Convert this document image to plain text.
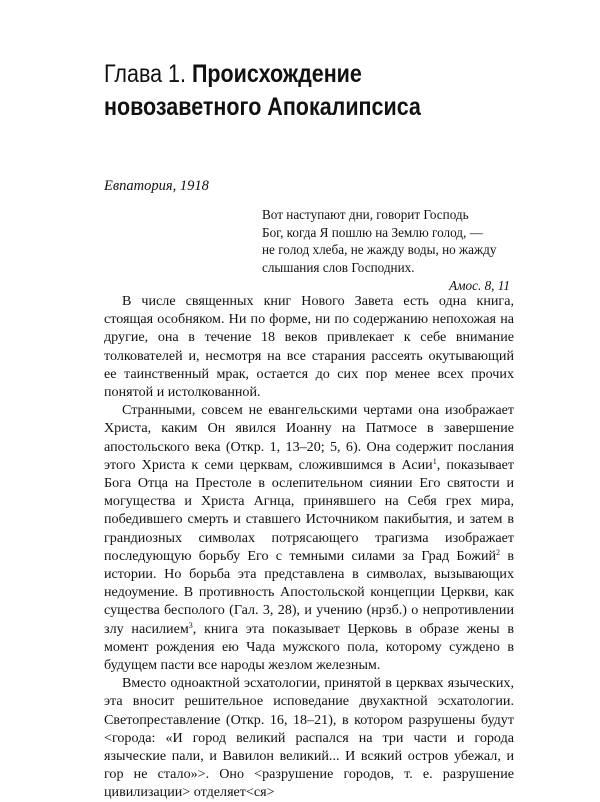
Глава 1. Происхождение новозаветного Апокалипсиса

Евпатория, 1918

Вот наступают дни, говорит Господь

Бог, когда Я пошлю на Землю голод, —

не голод хлеба, не жажду воды, но жажду

слышания слов Господних.

Амос. 8, 11

В числе священных книг Нового Завета есть одна книга, стоящая особняком. Ни по форме, ни по содержанию непохожая на другие, она в течение 18 веков привлекает к себе внимание толкователей и, несмотря на все старания рассеять окутывающий ее таинственный мрак, остается до сих пор менее всех прочих понятой и истолкованной.

Странными, совсем не евангельскими чертами она изображает Христа, каким Он явился Иоанну на Патмосе в завершение апостольского века (Откр. 1, 13–20; 5, 6). Она содержит послания этого Христа к семи церквам, сложившимся в Асии$^1$, показывает Бога Отца на Престоле в ослепительном сиянии Его святости и могущества и Христа Агнца, принявшего на Себя грех мира, победившего смерть и ставшего Источником пакибытия, и затем в грандиозных символах потрясающего трагизма изображает последующую борьбу Его с темными силами за Град Божий$^2$ в истории. Но борьба эта представлена в символах, вызывающих недоумение. В противность Апостольской концепции Церкви, как существа бесполого (Гал. 3, 28), и учению (нрзб.) о непротивлении злу насилием$^3$, книга эта показывает Церковь в образе жены в момент рождения ею Чада мужского пола, которому суждено в будущем пасти все народы жезлом железным.

Вместо одноактной эсхатологии, принятой в церквах языческих, эта вносит решительное исповедание двухактной эсхатологии. Светопреставление (Откр. 16, 18–21), в котором разрушены будут <города: «И город великий распался на три части и города языческие пали, и Вавилон великий... И всякий остров убежал, и гор не стало»>. Оно <разрушение городов, т. е. разрушение цивилизации> отделяет<ся>
